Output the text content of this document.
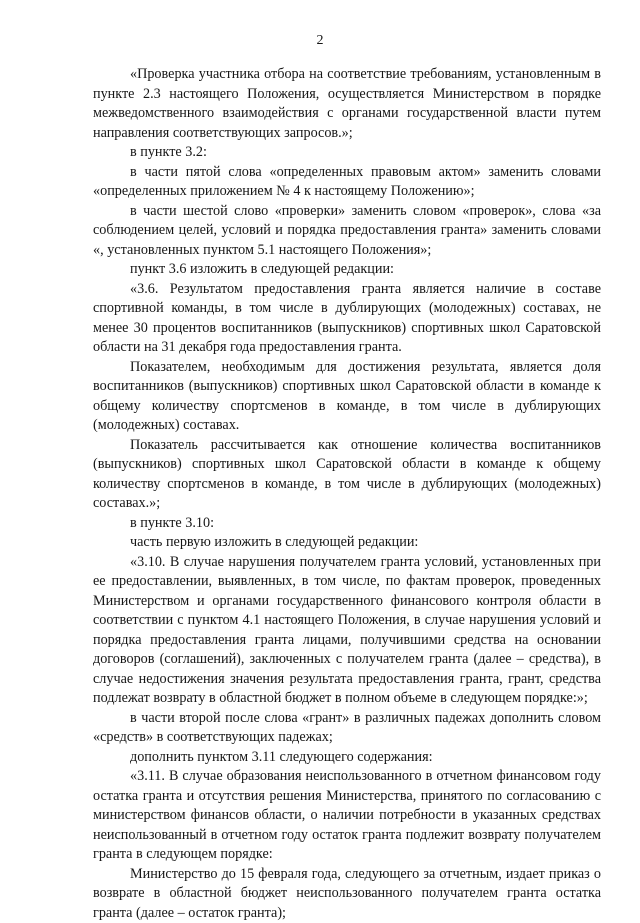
2

«Проверка участника отбора на соответствие требованиям, установленным в пункте 2.3 настоящего Положения, осуществляется Министерством в порядке межведомственного взаимодействия с органами государственной власти путем направления соответствующих запросов.»;

в пункте 3.2:

в части пятой слова «определенных правовым актом» заменить словами «определенных приложением № 4 к настоящему Положению»;

в части шестой слово «проверки» заменить словом «проверок», слова «за соблюдением целей, условий и порядка предоставления гранта» заменить словами «, установленных пунктом 5.1 настоящего Положения»;

пункт 3.6 изложить в следующей редакции:

«3.6. Результатом предоставления гранта является наличие в составе спортивной команды, в том числе в дублирующих (молодежных) составах, не менее 30 процентов воспитанников (выпускников) спортивных школ Саратовской области на 31 декабря года предоставления гранта.

Показателем, необходимым для достижения результата, является доля воспитанников (выпускников) спортивных школ Саратовской области в команде к общему количеству спортсменов в команде, в том числе в дублирующих (молодежных) составах.

Показатель рассчитывается как отношение количества воспитанников (выпускников) спортивных школ Саратовской области в команде к общему количеству спортсменов в команде, в том числе в дублирующих (молодежных) составах.»;

в пункте 3.10:

часть первую изложить в следующей редакции:

«3.10. В случае нарушения получателем гранта условий, установленных при ее предоставлении, выявленных, в том числе, по фактам проверок, проведенных Министерством и органами государственного финансового контроля области в соответствии с пунктом 4.1 настоящего Положения, в случае нарушения условий и порядка предоставления гранта лицами, получившими средства на основании договоров (соглашений), заключенных с получателем гранта (далее – средства), в случае недостижения значения результата предоставления гранта, грант, средства подлежат возврату в областной бюджет в полном объеме в следующем порядке:»;

в части второй после слова «грант» в различных падежах дополнить словом «средств» в соответствующих падежах;

дополнить пунктом 3.11 следующего содержания:

«3.11. В случае образования неиспользованного в отчетном финансовом году остатка гранта и отсутствия решения Министерства, принятого по согласованию с министерством финансов области, о наличии потребности в указанных средствах неиспользованный в отчетном году остаток гранта подлежит возврату получателем гранта в следующем порядке:

Министерство до 15 февраля года, следующего за отчетным, издает приказ о возврате в областной бюджет неиспользованного получателем гранта остатка гранта (далее – остаток гранта);
